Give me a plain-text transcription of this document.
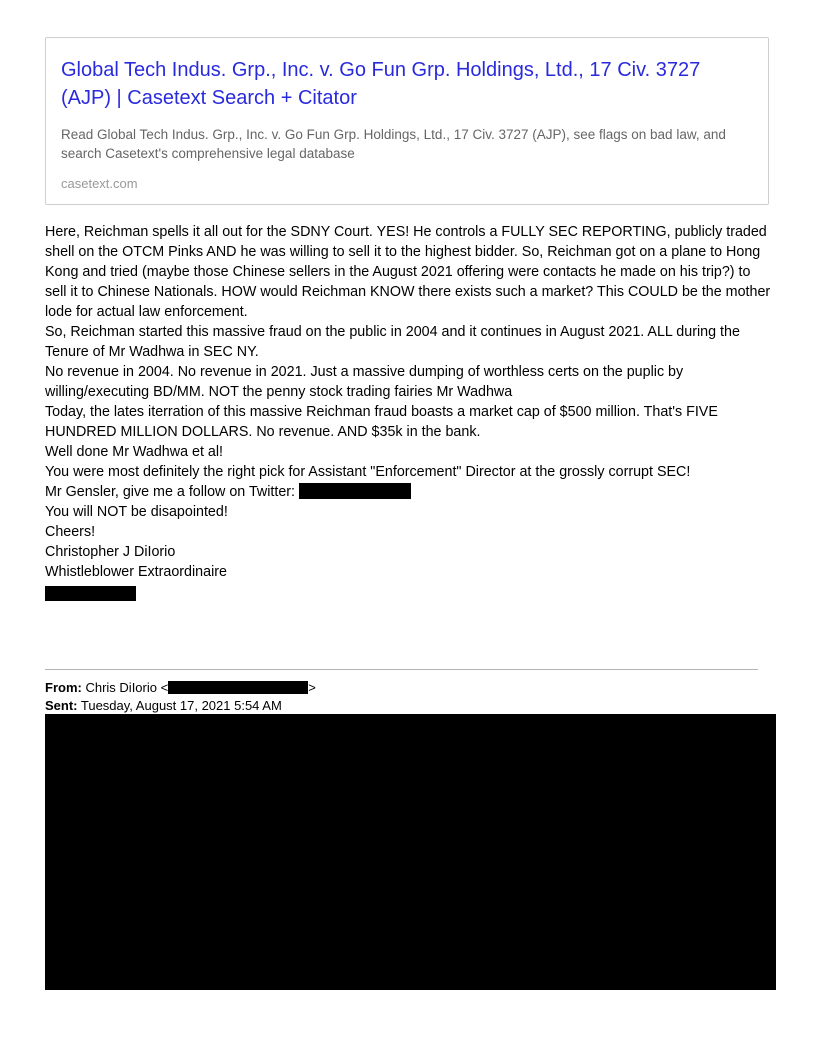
Global Tech Indus. Grp., Inc. v. Go Fun Grp. Holdings, Ltd., 17 Civ. 3727 (AJP) | Casetext Search + Citator
Read Global Tech Indus. Grp., Inc. v. Go Fun Grp. Holdings, Ltd., 17 Civ. 3727 (AJP), see flags on bad law, and search Casetext's comprehensive legal database
casetext.com

Here, Reichman spells it all out for the SDNY Court. YES! He controls a FULLY SEC REPORTING, publicly traded shell on the OTCM Pinks AND he was willing to sell it to the highest bidder. So, Reichman got on a plane to Hong Kong and tried (maybe those Chinese sellers in the August 2021 offering were contacts he made on his trip?) to sell it to Chinese Nationals. HOW would Reichman KNOW there exists such a market? This COULD be the mother lode for actual law enforcement.

So, Reichman started this massive fraud on the public in 2004 and it continues in August 2021. ALL during the Tenure of Mr Wadhwa in SEC NY.

No revenue in 2004. No revenue in 2021. Just a massive dumping of worthless certs on the puplic by willing/executing BD/MM. NOT the penny stock trading fairies Mr Wadhwa

Today, the lates iterration of this massive Reichman fraud boasts a market cap of $500 million. That's FIVE HUNDRED MILLION DOLLARS. No revenue. AND $35k in the bank.

Well done Mr Wadhwa et al!

You were most definitely the right pick for Assistant "Enforcement" Director at the grossly corrupt SEC!

Mr Gensler, give me a follow on Twitter:

You will NOT be disapointed!

Cheers!

Christopher J DiIorio

Whistleblower Extraordinaire

From: Chris DiIorio <	>
Sent: Tuesday, August 17, 2021 5:54 AM
